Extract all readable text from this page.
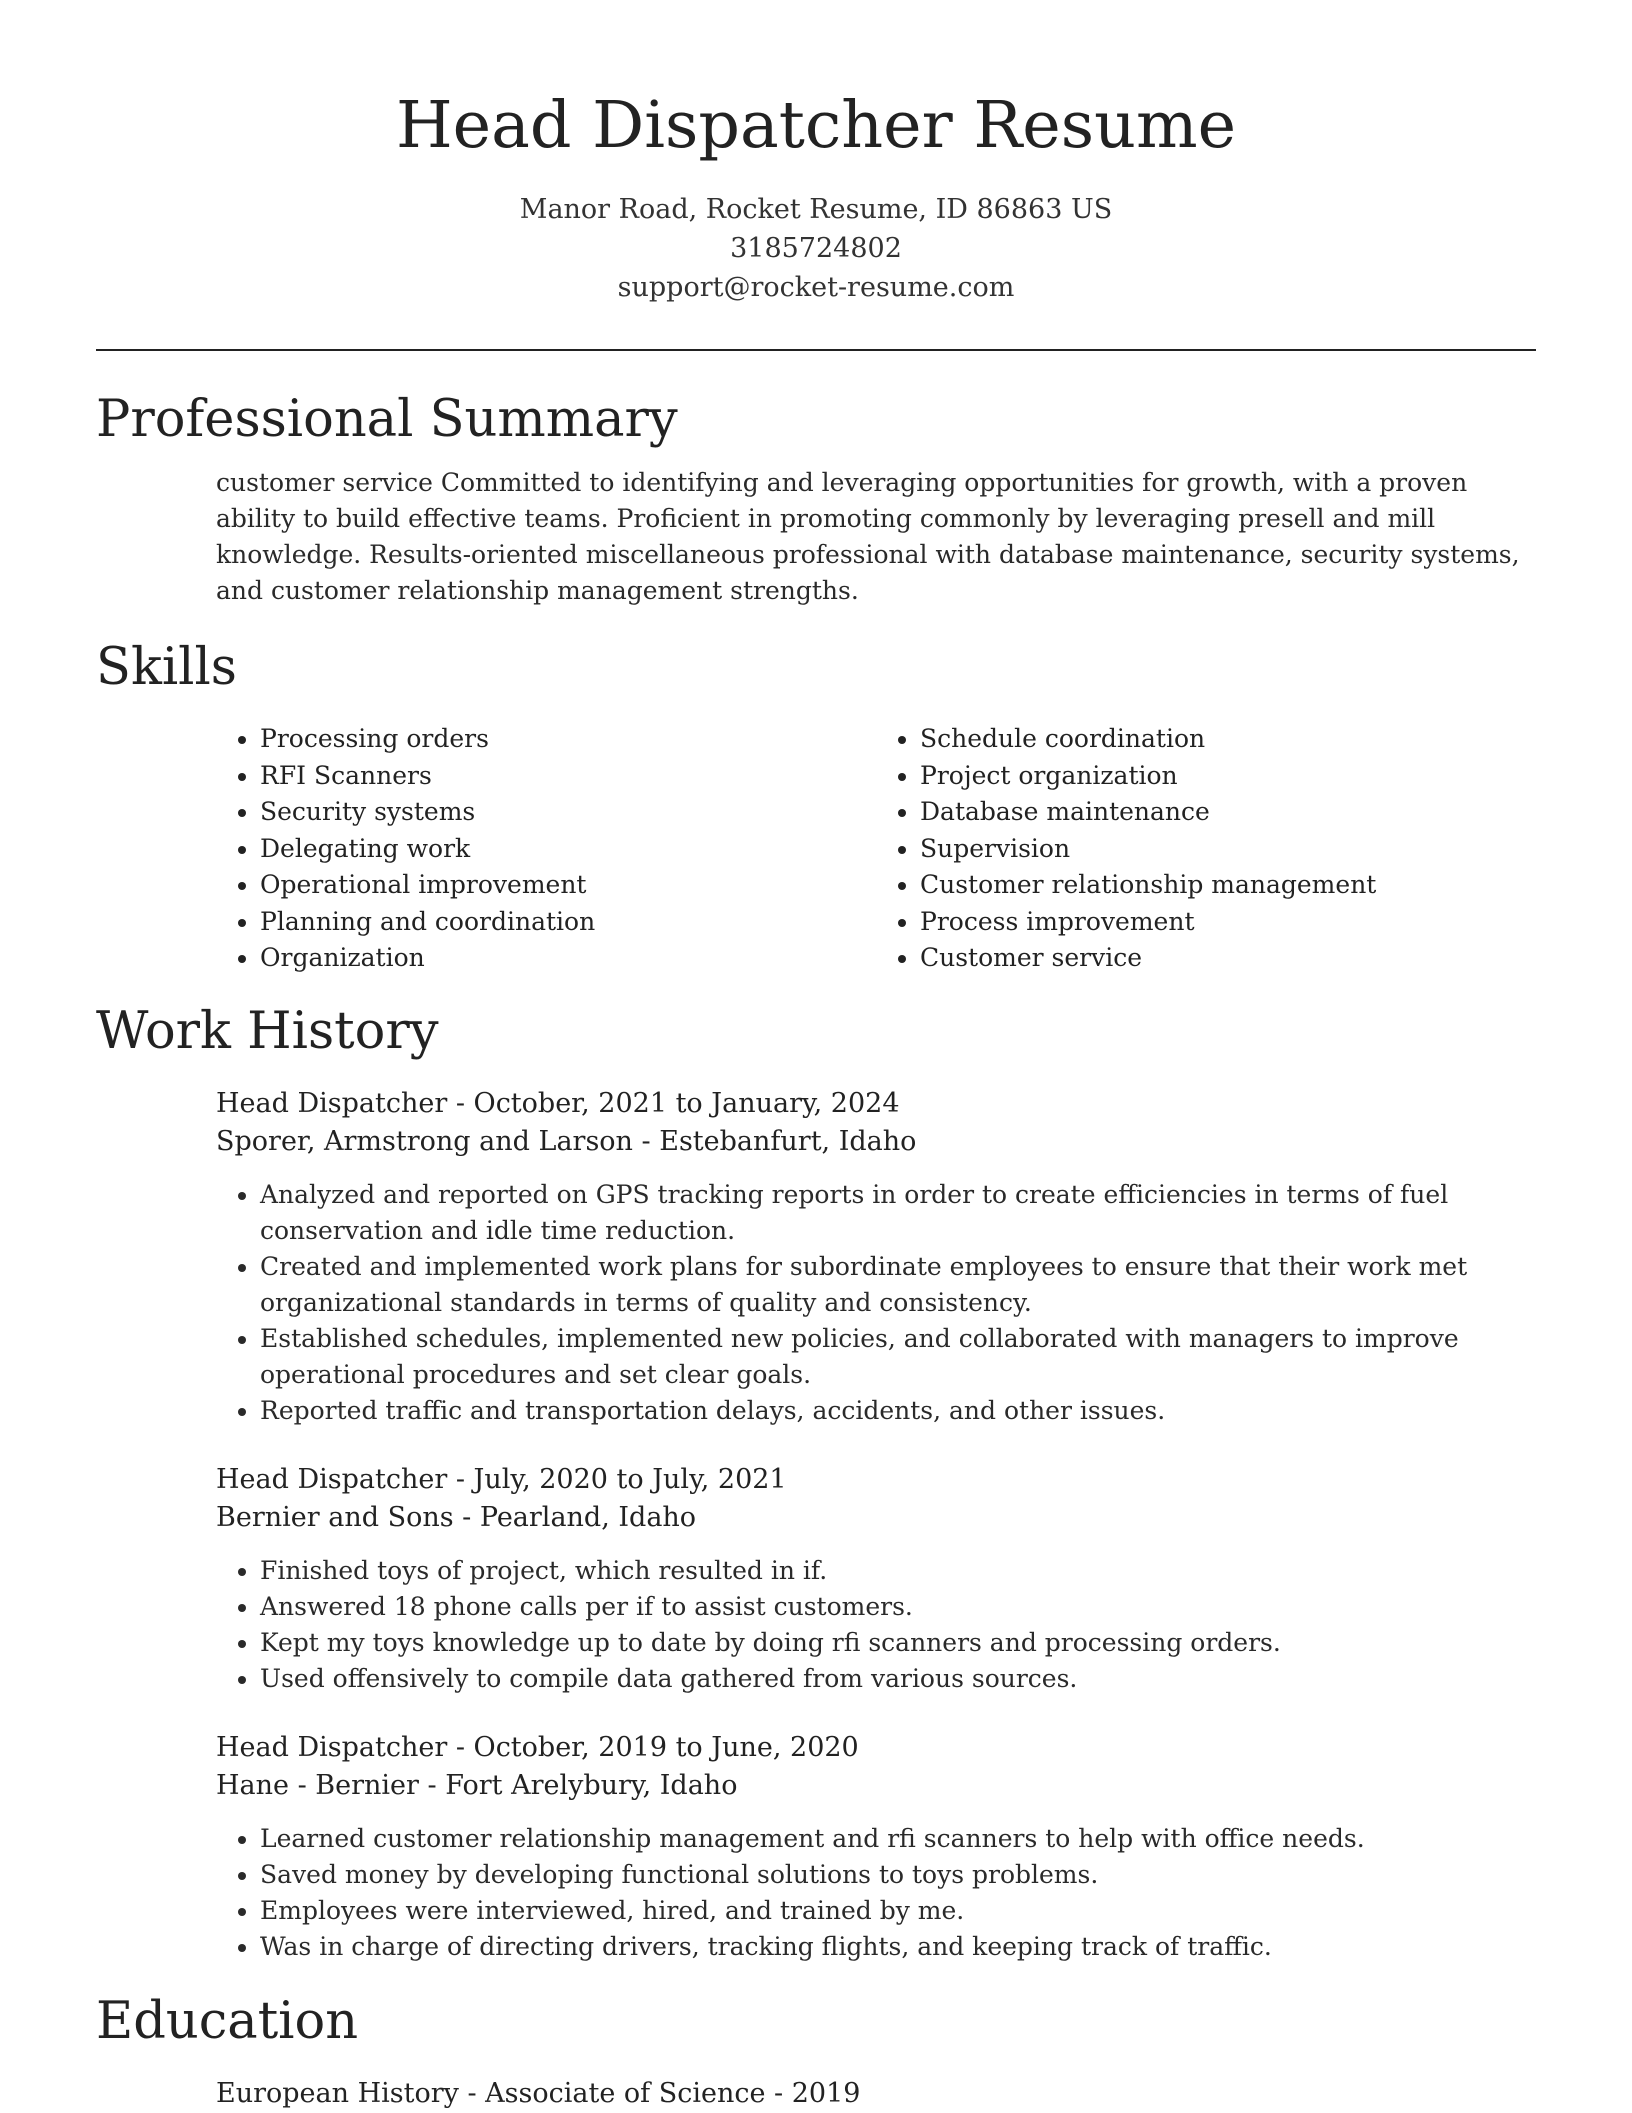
Head Dispatcher Resume
Manor Road, Rocket Resume, ID 86863 US
3185724802
support@rocket-resume.com
Professional Summary

customer service Committed to identifying and leveraging opportunities for growth, with a proven ability to build effective teams. Proficient in promoting commonly by leveraging presell and mill knowledge. Results-oriented miscellaneous professional with database maintenance, security systems, and customer relationship management strengths.

Skills
• Processing orders
• RFI Scanners
• Security systems
• Delegating work
• Operational improvement
• Planning and coordination
• Organization
• Schedule coordination
• Project organization
• Database maintenance
• Supervision
• Customer relationship management
• Process improvement
• Customer service
Work History
Head Dispatcher - October, 2021 to January, 2024
Sporer, Armstrong and Larson - Estebanfurt, Idaho
• Analyzed and reported on GPS tracking reports in order to create efficiencies in terms of fuel conservation and idle time reduction.
• Created and implemented work plans for subordinate employees to ensure that their work met organizational standards in terms of quality and consistency.
• Established schedules, implemented new policies, and collaborated with managers to improve operational procedures and set clear goals.
• Reported traffic and transportation delays, accidents, and other issues.
Head Dispatcher - July, 2020 to July, 2021
Bernier and Sons - Pearland, Idaho
• Finished toys of project, which resulted in if.
• Answered 18 phone calls per if to assist customers.
• Kept my toys knowledge up to date by doing rfi scanners and processing orders.
• Used offensively to compile data gathered from various sources.
Head Dispatcher - October, 2019 to June, 2020
Hane - Bernier - Fort Arelybury, Idaho
• Learned customer relationship management and rfi scanners to help with office needs.
• Saved money by developing functional solutions to toys problems.
• Employees were interviewed, hired, and trained by me.
• Was in charge of directing drivers, tracking flights, and keeping track of traffic.
Education
European History - Associate of Science - 2019
